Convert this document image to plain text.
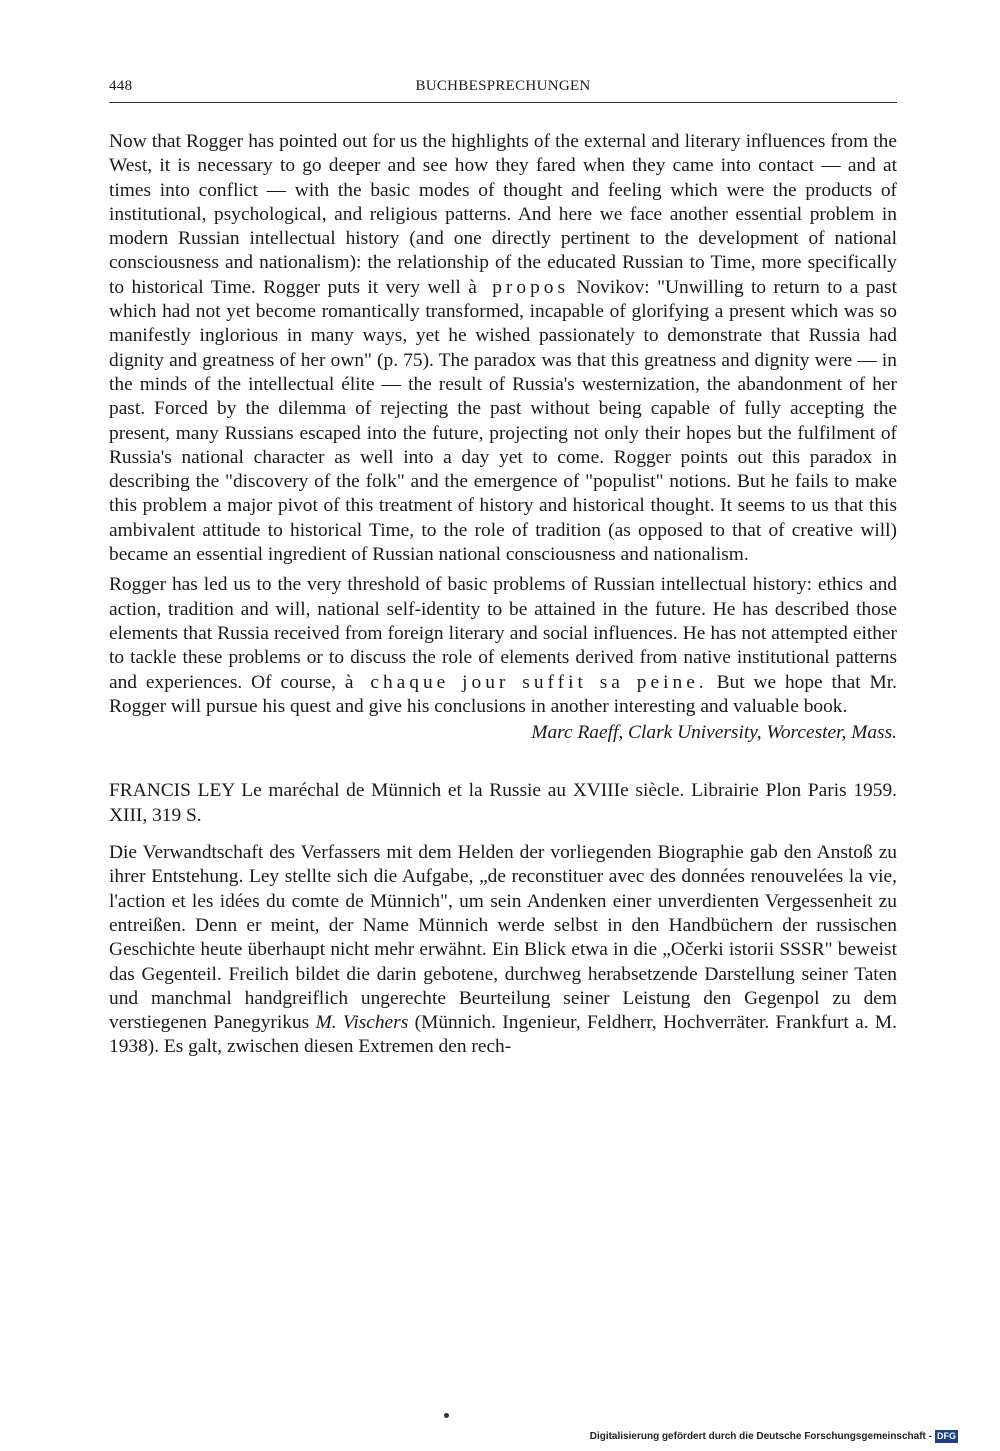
448	BUCHBESPRECHUNGEN

Now that Rogger has pointed out for us the highlights of the external and literary influences from the West, it is necessary to go deeper and see how they fared when they came into contact — and at times into conflict — with the basic modes of thought and feeling which were the products of institutional, psychological, and religious patterns. And here we face another essential problem in modern Russian intellectual history (and one directly pertinent to the development of national consciousness and nationalism): the relationship of the educated Russian to Time, more specifically to historical Time. Rogger puts it very well à propos Novikov: "Unwilling to return to a past which had not yet become romantically transformed, incapable of glorifying a present which was so manifestly inglorious in many ways, yet he wished passionately to demonstrate that Russia had dignity and greatness of her own" (p. 75). The paradox was that this greatness and dignity were — in the minds of the intellectual élite — the result of Russia's westernization, the abandonment of her past. Forced by the dilemma of rejecting the past without being capable of fully accepting the present, many Russians escaped into the future, projecting not only their hopes but the fulfilment of Russia's national character as well into a day yet to come. Rogger points out this paradox in describing the "discovery of the folk" and the emergence of "populist" notions. But he fails to make this problem a major pivot of this treatment of history and historical thought. It seems to us that this ambivalent attitude to historical Time, to the role of tradition (as opposed to that of creative will) became an essential ingredient of Russian national consciousness and nationalism.

Rogger has led us to the very threshold of basic problems of Russian intellectual history: ethics and action, tradition and will, national self-identity to be attained in the future. He has described those elements that Russia received from foreign literary and social influences. He has not attempted either to tackle these problems or to discuss the role of elements derived from native institutional patterns and experiences. Of course, à chaque jour suffit sa peine. But we hope that Mr. Rogger will pursue his quest and give his conclusions in another interesting and valuable book.

Marc Raeff, Clark University, Worcester, Mass.

FRANCIS LEY Le maréchal de Münnich et la Russie au XVIIIe siècle. Librairie Plon Paris 1959. XIII, 319 S.

Die Verwandtschaft des Verfassers mit dem Helden der vorliegenden Biographie gab den Anstoß zu ihrer Entstehung. Ley stellte sich die Aufgabe, „de reconstituer avec des données renouvelées la vie, l'action et les idées du comte de Münnich", um sein Andenken einer unverdienten Vergessenheit zu entreißen. Denn er meint, der Name Münnich werde selbst in den Handbüchern der russischen Geschichte heute überhaupt nicht mehr erwähnt. Ein Blick etwa in die „Očerki istorii SSSR" beweist das Gegenteil. Freilich bildet die darin gebotene, durchweg herabsetzende Darstellung seiner Taten und manchmal handgreiflich ungerechte Beurteilung seiner Leistung den Gegenpol zu dem verstiegenen Panegyrikus M. Vischers (Münnich. Ingenieur, Feldherr, Hochverräter. Frankfurt a. M. 1938). Es galt, zwischen diesen Extremen den rech-

Digitalisierung gefördert durch die Deutsche Forschungsgemeinschaft - DFG
